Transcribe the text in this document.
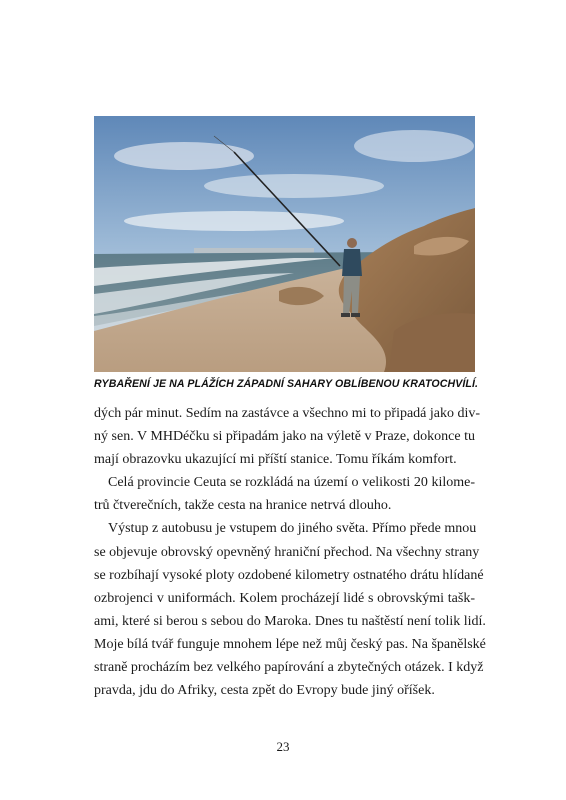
RYBAŘENÍ JE NA PLÁŽÍCH ZÁPADNÍ SAHARY OBLÍBENOU KRATOCHVÍLÍ.

dých pár minut. Sedím na zastávce a všechno mi to připadá jako div-

ný sen. V MHDéčku si připadám jako na výletě v Praze, dokonce tu

mají obrazovku ukazující mi příští stanice. Tomu říkám komfort.

Celá provincie Ceuta se rozkládá na území o velikosti 20 kilome-

trů čtverečních, takže cesta na hranice netrvá dlouho.

Výstup z autobusu je vstupem do jiného světa. Přímo přede mnou

se objevuje obrovský opevněný hraniční přechod. Na všechny strany

se rozbíhají vysoké ploty ozdobené kilometry ostnatého drátu hlídané

ozbrojenci v uniformách. Kolem procházejí lidé s obrovskými tašk-

ami, které si berou s sebou do Maroka. Dnes tu naštěstí není tolik lidí.

Moje bílá tvář funguje mnohem lépe než můj český pas. Na španělské

straně procházím bez velkého papírování a zbytečných otázek. I když

pravda, jdu do Afriky, cesta zpět do Evropy bude jiný oříšek.

23
